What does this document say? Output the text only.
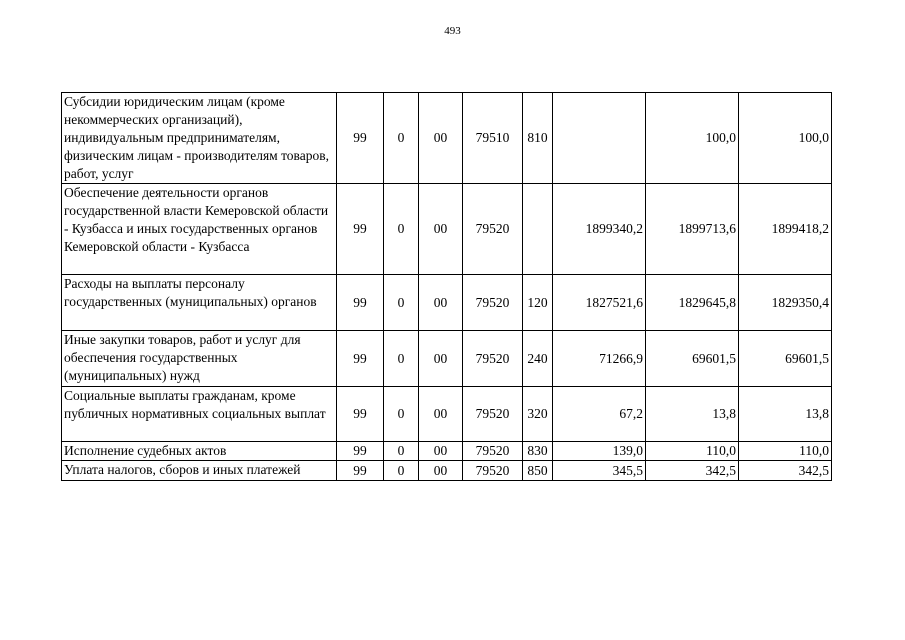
493
Субсидии юридическим лицам (кроме некоммерческих организаций), индивидуальным предпринимателям, физическим лицам - производителям товаров, работ, услуг	99	0	00	79510	810		100,0	100,0
Обеспечение деятельности органов государственной власти Кемеровской области - Кузбасса и иных государственных органов Кемеровской области - Кузбасса	99	0	00	79520		1899340,2	1899713,6	1899418,2
Расходы на выплаты персоналу государственных (муниципальных) органов	99	0	00	79520	120	1827521,6	1829645,8	1829350,4
Иные закупки товаров, работ и услуг для обеспечения государственных (муниципальных) нужд	99	0	00	79520	240	71266,9	69601,5	69601,5
Социальные выплаты гражданам, кроме публичных нормативных социальных выплат	99	0	00	79520	320	67,2	13,8	13,8
Исполнение судебных актов	99	0	00	79520	830	139,0	110,0	110,0
Уплата налогов, сборов и иных платежей	99	0	00	79520	850	345,5	342,5	342,5
